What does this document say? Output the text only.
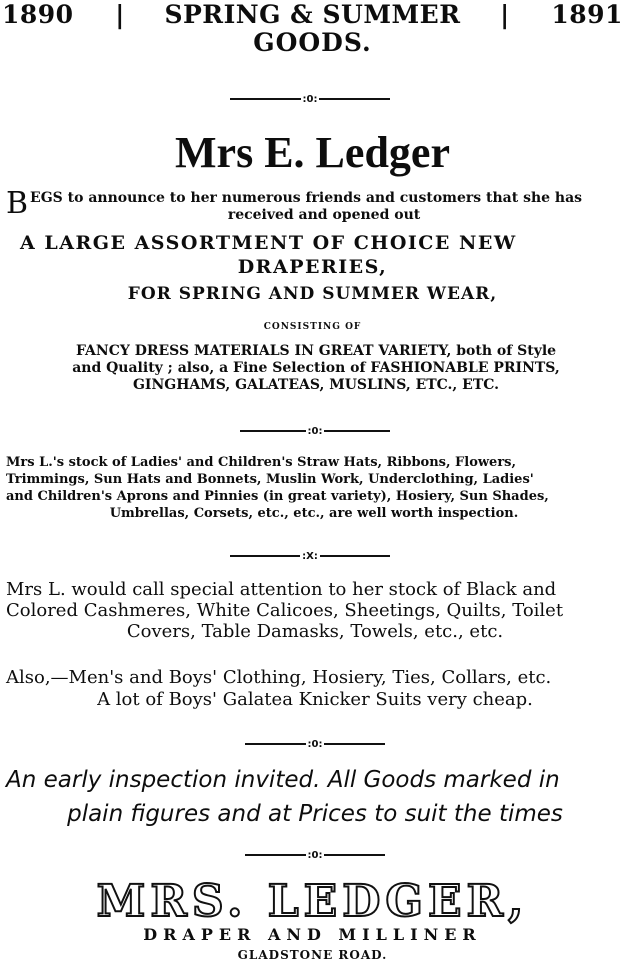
1890 | SPRING & SUMMER | 1891
GOODS.
:0:
Mrs E. Ledger
B EGS to announce to her numerous friends and customers that she has
received and opened out
A LARGE ASSORTMENT OF CHOICE NEW
DRAPERIES,
FOR SPRING AND SUMMER WEAR,
CONSISTING OF
FANCY DRESS MATERIALS IN GREAT VARIETY, both of Style
and Quality ; also, a Fine Selection of FASHIONABLE PRINTS,
GINGHAMS, GALATEAS, MUSLINS, ETC., ETC.
:0:
Mrs L.'s stock of Ladies' and Children's Straw Hats, Ribbons, Flowers,
Trimmings, Sun Hats and Bonnets, Muslin Work, Underclothing, Ladies'
and Children's Aprons and Pinnies (in great variety), Hosiery, Sun Shades,
Umbrellas, Corsets, etc., etc., are well worth inspection.
:X:
Mrs L. would call special attention to her stock of Black and
Colored Cashmeres, White Calicoes, Sheetings, Quilts, Toilet
Covers, Table Damasks, Towels, etc., etc.
Also,—Men's and Boys' Clothing, Hosiery, Ties, Collars, etc.
A lot of Boys' Galatea Knicker Suits very cheap.
:0:
An early inspection invited. All Goods marked in
plain figures and at Prices to suit the times
:0:
MRS. LEDGER,
DRAPER AND MILLINER
GLADSTONE ROAD.
